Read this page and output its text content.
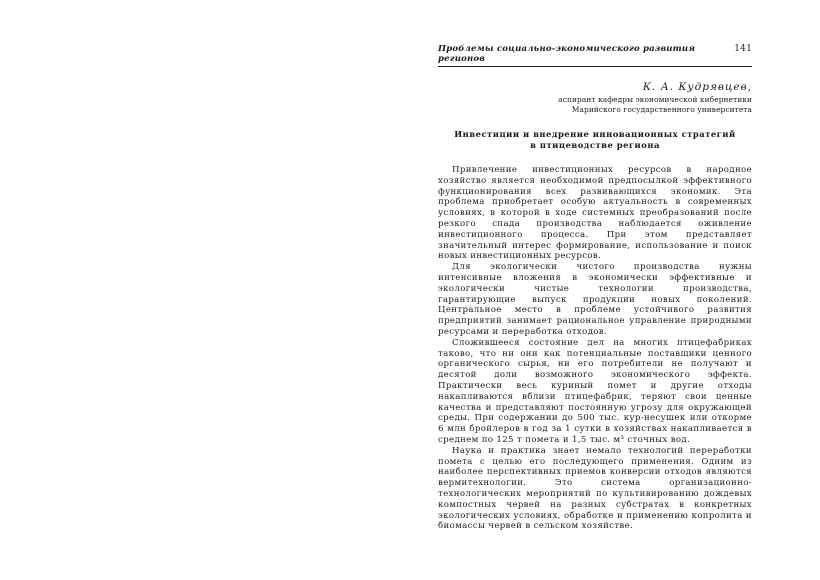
Проблемы социально-экономического развития регионов
141
К. А. Кудрявцев,
аспирант кафедры экономической кибернетики
Марийского государственного университета
Инвестиции и внедрение инновационных стратегий
в птицеводстве региона

Привлечение инвестиционных ресурсов в народное хозяйство является необходимой предпосылкой эффективного функционирования всех развивающихся экономик. Эта проблема приобретает особую актуальность в современных условиях, в которой в ходе системных преобразований после резкого спада производства наблюдается оживление инвестиционного процесса. При этом представляет значительный интерес формирование, использование и поиск новых инвестиционных ресурсов.

Для экологически чистого производства нужны интенсивные вложения в экономически эффективные и экологически чистые технологии производства, гарантирующие выпуск продукции новых поколений. Центральное место в проблеме устойчивого развития предприятий занимает рациональное управление природными ресурсами и переработка отходов.

Сложившееся состояние дел на многих птицефабриках таково, что ни они как потенциальные поставщики ценного органического сырья, ни его потребители не получают и десятой доли возможного экономического эффекта. Практически весь куриный помет и другие отходы накапливаются вблизи птицефабрик, теряют свои ценные качества и представляют постоянную угрозу для окружающей среды. При содержании до 500 тыс. кур-несушек или откорме 6 млн бройлеров в год за 1 сутки в хозяйствах накапливается в среднем по 125 т помета и 1,5 тыс. м³ сточных вод.

Наука и практика знает немало технологий переработки помета с целью его последующего применения. Одним из наиболее перспективных приемов конверсии отходов являются вермитехнологии. Это система организационно-технологических мероприятий по культивированию дождевых компостных червей на разных субстратах в конкретных экологических условиях, обработке и применению копролита и биомассы червей в сельском хозяйстве.
